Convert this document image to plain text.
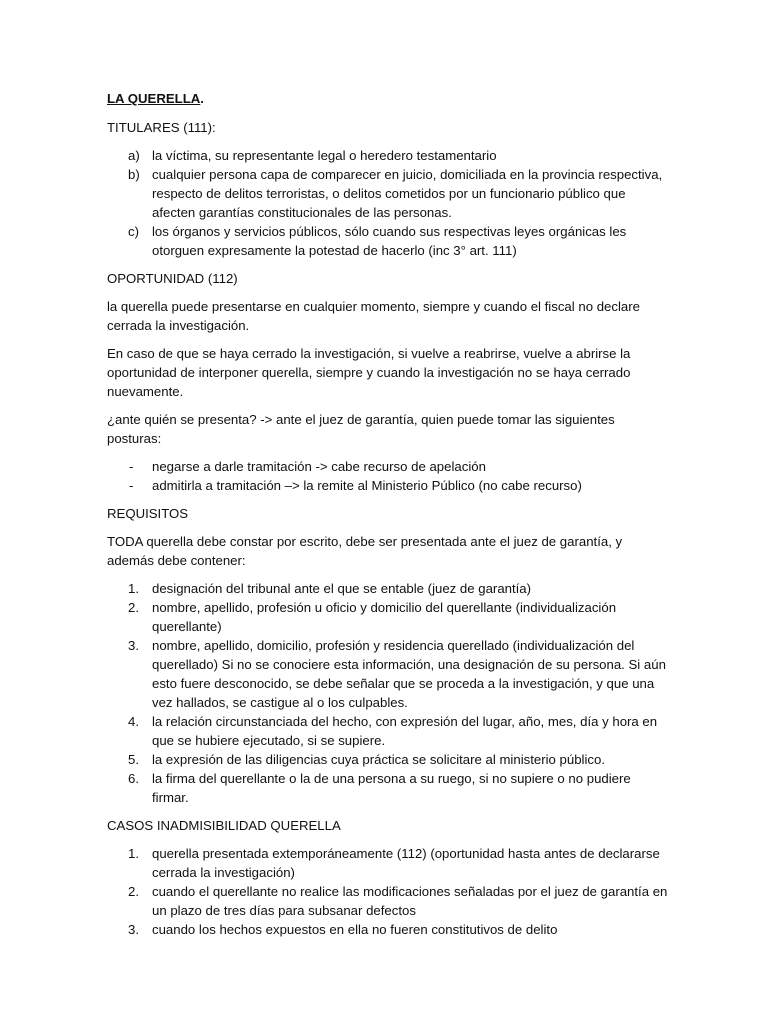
LA QUERELLA.

TITULARES (111):

a) la víctima, su representante legal o heredero testamentario
b) cualquier persona capa de comparecer en juicio, domiciliada en la provincia respectiva, respecto de delitos terroristas, o delitos cometidos por un funcionario público que afecten garantías constitucionales de las personas.
c) los órganos y servicios públicos, sólo cuando sus respectivas leyes orgánicas les otorguen expresamente la potestad de hacerlo (inc 3° art. 111)

OPORTUNIDAD (112)

la querella puede presentarse en cualquier momento, siempre y cuando el fiscal no declare cerrada la investigación.

En caso de que se haya cerrado la investigación, si vuelve a reabrirse, vuelve a abrirse la oportunidad de interponer querella, siempre y cuando la investigación no se haya cerrado nuevamente.

¿ante quién se presenta? -> ante el juez de garantía, quien puede tomar las siguientes posturas:

- negarse a darle tramitación -> cabe recurso de apelación
- admitirla a tramitación –> la remite al Ministerio Público (no cabe recurso)

REQUISITOS

TODA querella debe constar por escrito, debe ser presentada ante el juez de garantía, y además debe contener:

1. designación del tribunal ante el que se entable (juez de garantía)
2. nombre, apellido, profesión u oficio y domicilio del querellante (individualización querellante)
3. nombre, apellido, domicilio, profesión y residencia querellado (individualización del querellado) Si no se conociere esta información, una designación de su persona. Si aún esto fuere desconocido, se debe señalar que se proceda a la investigación, y que una vez hallados, se castigue al o los culpables.
4. la relación circunstanciada del hecho, con expresión del lugar, año, mes, día y hora en que se hubiere ejecutado, si se supiere.
5. la expresión de las diligencias cuya práctica se solicitare al ministerio público.
6. la firma del querellante o la de una persona a su ruego, si no supiere o no pudiere firmar.

CASOS INADMISIBILIDAD QUERELLA

1. querella presentada extemporáneamente (112) (oportunidad hasta antes de declararse cerrada la investigación)
2. cuando el querellante no realice las modificaciones señaladas por el juez de garantía en un plazo de tres días para subsanar defectos
3. cuando los hechos expuestos en ella no fueren constitutivos de delito
